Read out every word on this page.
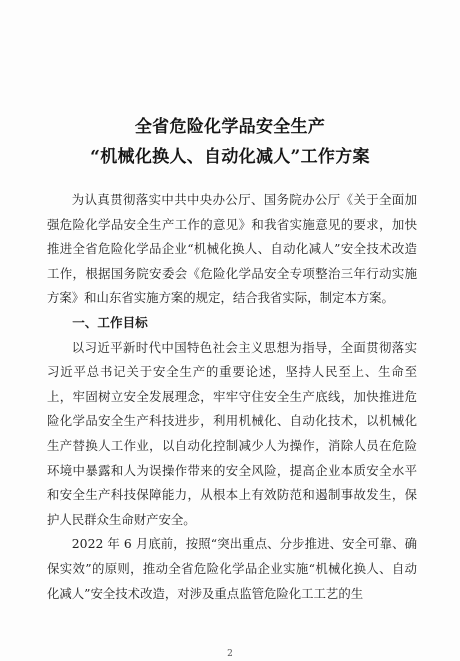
全省危险化学品安全生产
“机械化换人、自动化减人”工作方案

为认真贯彻落实中共中央办公厅、国务院办公厅《关于全面加强危险化学品安全生产工作的意见》和我省实施意见的要求，加快推进全省危险化学品企业“机械化换人、自动化减人”安全技术改造工作，根据国务院安委会《危险化学品安全专项整治三年行动实施方案》和山东省实施方案的规定，结合我省实际，制定本方案。

一、工作目标

以习近平新时代中国特色社会主义思想为指导，全面贯彻落实习近平总书记关于安全生产的重要论述，坚持人民至上、生命至上，牢固树立安全发展理念，牢牢守住安全生产底线，加快推进危险化学品安全生产科技进步，利用机械化、自动化技术，以机械化生产替换人工作业，以自动化控制减少人为操作，消除人员在危险环境中暴露和人为误操作带来的安全风险，提高企业本质安全水平和安全生产科技保障能力，从根本上有效防范和遏制事故发生，保护人民群众生命财产安全。

2022 年 6 月底前，按照“突出重点、分步推进、安全可靠、确保实效”的原则，推动全省危险化学品企业实施“机械化换人、自动化减人”安全技术改造，对涉及重点监管危险化工工艺的生

2
